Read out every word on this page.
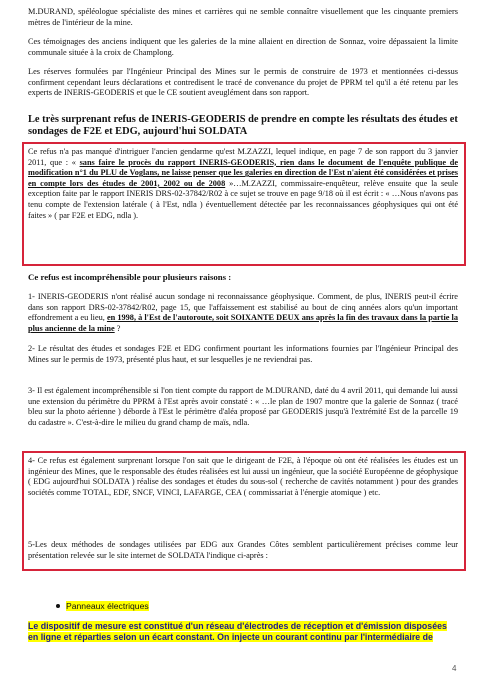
M.DURAND, spéléologue spécialiste des mines et carrières qui ne semble connaître visuellement que les cinquante premiers mètres de l'intérieur de la mine.

Ces témoignages des anciens indiquent que les galeries de la mine allaient en direction de Sonnaz, voire dépassaient la limite communale située à la croix de Champlong.

Les réserves formulées par l'Ingénieur Principal des Mines sur le permis de construire de 1973 et mentionnées ci-dessus confirment cependant leurs déclarations et contredisent le tracé de convenance du projet de PPRM tel qu'il a été retenu par les experts de INERIS-GEODERIS et que le CE soutient aveuglément dans son rapport.

Le très surprenant refus de INERIS-GEODERIS de prendre en compte les résultats des études et sondages de F2E et EDG, aujourd'hui SOLDATA

Ce refus n'a pas manqué d'intriguer l'ancien gendarme qu'est M.ZAZZI, lequel indique, en page 7 de son rapport du 3 janvier 2011, que : « sans faire le procès du rapport INERIS-GEODERIS, rien dans le document de l'enquête publique de modification n°1 du PLU de Voglans, ne laisse penser que les galeries en direction de l'Est n'aient été considérées et prises en compte lors des études de 2001, 2002 ou de 2008 »…M.ZAZZI, commissaire-enquêteur, relève ensuite que la seule exception faite par le rapport INERIS DRS-02-37842/R02 à ce sujet se trouve en page 9/18 où il est écrit : « …Nous n'avons pas tenu compte de l'extension latérale ( à l'Est, ndla ) éventuellement détectée par les reconnaissances géophysiques qui ont été faites » ( par F2E et EDG, ndla ).

Ce refus est incompréhensible pour plusieurs raisons :

1- INERIS-GEODERIS n'ont réalisé aucun sondage ni reconnaissance géophysique. Comment, de plus, INERIS peut-il écrire dans son rapport DRS-02-37842/R02, page 15, que l'affaissement est stabilisé au bout de cinq années alors qu'un important effondrement a eu lieu, en 1998, à l'Est de l'autoroute, soit SOIXANTE DEUX ans après la fin des travaux dans la partie la plus ancienne de la mine ?

2- Le résultat des études et sondages F2E et EDG confirment pourtant les informations fournies par l'Ingénieur Principal des Mines sur le permis de 1973, présenté plus haut, et sur lesquelles je ne reviendrai pas.

3- Il est également incompréhensible si l'on tient compte du rapport de M.DURAND, daté du 4 avril 2011, qui demande lui aussi une extension du périmètre du PPRM à l'Est après avoir constaté : « …le plan de 1907 montre que la galerie de Sonnaz ( tracé bleu sur la photo aérienne ) déborde à l'Est le périmètre d'aléa proposé par GEODERIS jusqu'à l'extrémité Est de la parcelle 19 du cadastre ». C'est-à-dire le milieu du grand champ de maïs, ndla.

4- Ce refus est également surprenant lorsque l'on sait que le dirigeant de F2E, à l'époque où ont été réalisées les études est un ingénieur des Mines, que le responsable des études réalisées est lui aussi un ingénieur, que la société Européenne de géophysique ( EDG aujourd'hui SOLDATA ) réalise des sondages et études du sous-sol ( recherche de cavités notamment ) pour des grandes sociétés comme TOTAL, EDF, SNCF, VINCI, LAFARGE, CEA ( commissariat à l'énergie atomique ) etc.

5-Les deux méthodes de sondages utilisées par EDG aux Grandes Côtes semblent particulièrement précises comme leur présentation relevée sur le site internet de SOLDATA l'indique ci-après :

Panneaux électriques

Le dispositif de mesure est constitué d'un réseau d'électrodes de réception et d'émission disposées en ligne et réparties selon un écart constant. On injecte un courant continu par l'intermédiaire de

4
